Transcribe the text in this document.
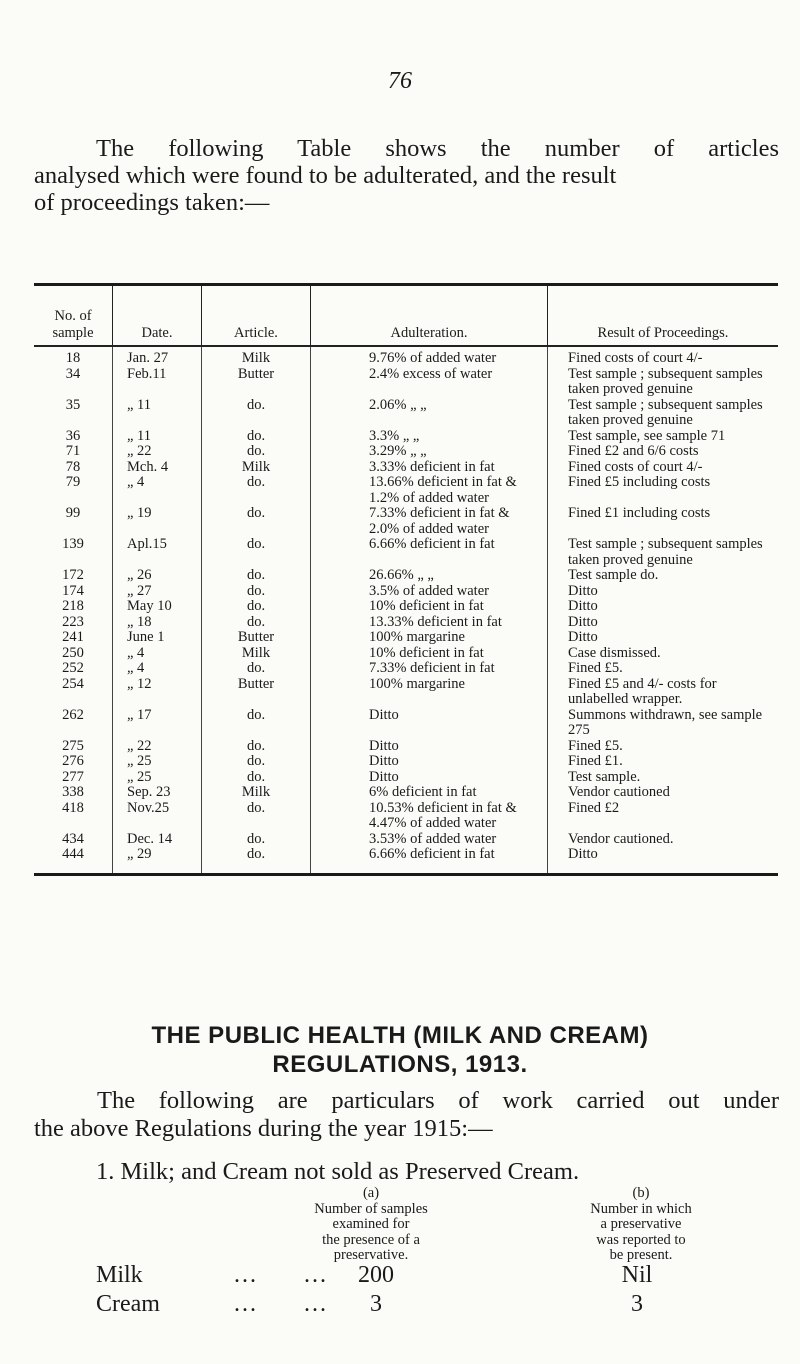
76
The following Table shows the number of articles
analysed which were found to be adulterated, and the result
of proceedings taken:—
No. of
sample	Date.	Article.	Adulteration.	Result of Proceedings.
18	Jan. 27	Milk	9.76% of added water	Fined costs of court 4/-
34	Feb.11	Butter	2.4% excess of water	Test sample ; subsequent samples taken proved genuine
35	„ 11	do.	2.06% „ „	Test sample ; subsequent samples taken proved genuine
36	„ 11	do.	3.3% „ „	Test sample, see sample 71
71	„ 22	do.	3.29% „ „	Fined £2 and 6/6 costs
78	Mch. 4	Milk	3.33% deficient in fat	Fined costs of court 4/-
79	„ 4	do.	13.66% deficient in fat & 1.2% of added water	Fined £5 including costs
99	„ 19	do.	7.33% deficient in fat & 2.0% of added water	Fined £1 including costs
139	Apl.15	do.	6.66% deficient in fat	Test sample ; subsequent samples taken proved genuine
172	„ 26	do.	26.66% „ „	Test sample do.
174	„ 27	do.	3.5% of added water	Ditto
218	May 10	do.	10% deficient in fat	Ditto
223	„ 18	do.	13.33% deficient in fat	Ditto
241	June 1	Butter	100% margarine	Ditto
250	„ 4	Milk	10% deficient in fat	Case dismissed.
252	„ 4	do.	7.33% deficient in fat	Fined £5.
254	„ 12	Butter	100% margarine	Fined £5 and 4/- costs for unlabelled wrapper.
262	„ 17	do.	Ditto	Summons withdrawn, see sample 275
275	„ 22	do.	Ditto	Fined £5.
276	„ 25	do.	Ditto	Fined £1.
277	„ 25	do.	Ditto	Test sample.
338	Sep. 23	Milk	6% deficient in fat	Vendor cautioned
418	Nov.25	do.	10.53% deficient in fat & 4.47% of added water	Fined £2
434	Dec. 14	do.	3.53% of added water	Vendor cautioned.
444	„ 29	do.	6.66% deficient in fat	Ditto
THE PUBLIC HEALTH (MILK AND CREAM)
REGULATIONS, 1913.
The following are particulars of work carried out under
the above Regulations during the year 1915:—
1. Milk; and Cream not sold as Preserved Cream.
(a)
Number of samples
examined for
the presence of a
preservative.
(b)
Number in which
a preservative
was reported to
be present.
Milk	... ... 200	Nil
Cream	... ...	3	3
